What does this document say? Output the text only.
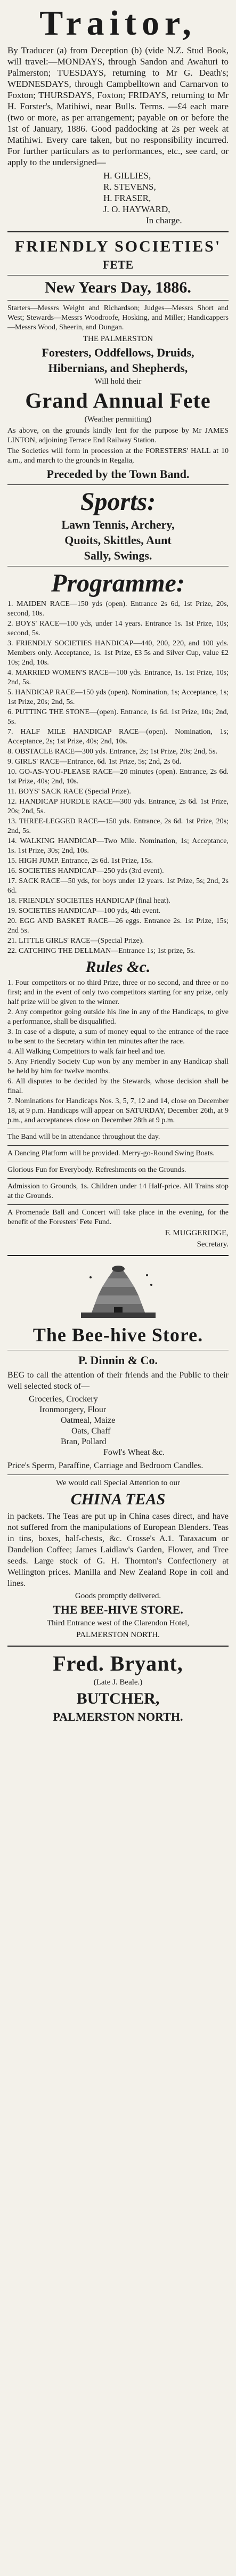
Traitor,

By Traducer (a) from Deception (b) (vide N.Z. Stud Book, will travel:—MONDAYS, through Sandon and Awahuri to Palmerston; TUESDAYS, returning to Mr G. Death's; WEDNESDAYS, through Campbelltown and Carnarvon to Foxton; THURSDAYS, Foxton; FRIDAYS, returning to Mr H. Forster's, Matihiwi, near Bulls. Terms. —£4 each mare (two or more, as per arrangement; payable on or before the 1st of January, 1886. Good paddocking at 2s per week at Matihiwi. Every care taken, but no responsibility incurred. For further particulars as to performances, etc., see card, or apply to the undersigned—

H. GILLIES,
R. STEVENS,
H. FRASER,
J. O. HAYWARD,
In charge.
FRIENDLY SOCIETIES'
FETE
New Years Day, 1886.

Starters—Messrs Weight and Richardson; Judges—Messrs Short and West; Stewards—Messrs Woodroofe, Hosking, and Miller; Handicappers—Messrs Wood, Sheerin, and Dungan.

THE PALMERSTON
Foresters, Oddfellows, Druids,
Hibernians, and Shepherds,
Will hold their
Grand Annual Fete
(Weather permitting)

As above, on the grounds kindly lent for the purpose by Mr JAMES LINTON, adjoining Terrace End Railway Station.

The Societies will form in procession at the FORESTERS' HALL at 10 a.m., and march to the grounds in Regalia,

Preceded by the Town Band.
Sports:
Lawn Tennis, Archery,
Quoits, Skittles, Aunt
Sally, Swings.
Programme:

1. MAIDEN RACE—150 yds (open). Entrance 2s 6d, 1st Prize, 20s, second, 10s.

2. BOYS' RACE—100 yds, under 14 years. Entrance 1s. 1st Prize, 10s; second, 5s.

3. FRIENDLY SOCIETIES HANDICAP—440, 200, 220, and 100 yds. Members only. Acceptance, 1s. 1st Prize, £3 5s and Silver Cup, value £2 10s; 2nd, 10s.

4. MARRIED WOMEN'S RACE—100 yds. Entrance, 1s. 1st Prize, 10s; 2nd, 5s.

5. HANDICAP RACE—150 yds (open). Nomination, 1s; Acceptance, 1s; 1st Prize, 20s; 2nd, 5s.

6. PUTTING THE STONE—(open). Entrance, 1s 6d. 1st Prize, 10s; 2nd, 5s.

7. HALF MILE HANDICAP RACE—(open). Nomination, 1s; Acceptance, 2s; 1st Prize, 40s; 2nd, 10s.

8. OBSTACLE RACE—300 yds. Entrance, 2s; 1st Prize, 20s; 2nd, 5s.

9. GIRLS' RACE—Entrance, 6d. 1st Prize, 5s; 2nd, 2s 6d.

10. GO-AS-YOU-PLEASE RACE—20 minutes (open). Entrance, 2s 6d. 1st Prize, 40s; 2nd, 10s.

11. BOYS' SACK RACE (Special Prize).

12. HANDICAP HURDLE RACE—300 yds. Entrance, 2s 6d. 1st Prize, 20s; 2nd, 5s.

13. THREE-LEGGED RACE—150 yds. Entrance, 2s 6d. 1st Prize, 20s; 2nd, 5s.

14. WALKING HANDICAP—Two Mile. Nomination, 1s; Acceptance, 1s. 1st Prize, 30s; 2nd, 10s.

15. HIGH JUMP. Entrance, 2s 6d. 1st Prize, 15s.

16. SOCIETIES HANDICAP—250 yds (3rd event).

17. SACK RACE—50 yds, for boys under 12 years. 1st Prize, 5s; 2nd, 2s 6d.

18. FRIENDLY SOCIETIES HANDICAP (final heat).

19. SOCIETIES HANDICAP—100 yds, 4th event.

20. EGG AND BASKET RACE—26 eggs. Entrance 2s. 1st Prize, 15s; 2nd 5s.

21. LITTLE GIRLS' RACE—(Special Prize).

22. CATCHING THE DELLMAN—Entrance 1s; 1st prize, 5s.

Rules &c.

1. Four competitors or no third Prize, three or no second, and three or no first; and in the event of only two competitors starting for any prize, only half prize will be given to the winner.

2. Any competitor going outside his line in any of the Handicaps, to give a performance, shall be disqualified.

3. In case of a dispute, a sum of money equal to the entrance of the race to be sent to the Secretary within ten minutes after the race.

4. All Walking Competitors to walk fair heel and toe.

5. Any Friendly Society Cup won by any member in any Handicap shall be held by him for twelve months.

6. All disputes to be decided by the Stewards, whose decision shall be final.

7. Nominations for Handicaps Nos. 3, 5, 7, 12 and 14, close on December 18, at 9 p.m. Handicaps will appear on SATURDAY, December 26th, at 9 p.m., and acceptances close on December 28th at 9 p.m.

The Band will be in attendance throughout the day.

A Dancing Platform will be provided. Merry-go-Round Swing Boats.

Glorious Fun for Everybody. Refreshments on the Grounds.

Admission to Grounds, 1s. Children under 14 Half-price. All Trains stop at the Grounds.

A Promenade Ball and Concert will take place in the evening, for the benefit of the Foresters' Fete Fund.

F. MUGGERIDGE,
Secretary.
The Bee-hive Store.
P. Dinnin & Co.

BEG to call the attention of their friends and the Public to their well selected stock of—

Groceries, Crockery
Ironmongery, Flour
Oatmeal, Maize
Oats, Chaff
Bran, Pollard
Fowl's Wheat &c.

Price's Sperm, Paraffine, Carriage and Bedroom Candles.

We would call Special Attention to our
CHINA TEAS

in packets. The Teas are put up in China cases direct, and have not suffered from the manipulations of European Blenders. Teas in tins, boxes, half-chests, &c. Crosse's A.1. Taraxacum or Dandelion Coffee; James Laidlaw's Garden, Flower, and Tree seeds. Large stock of G. H. Thornton's Confectionery at Wellington prices. Manilla and New Zealand Rope in coil and lines.

Goods promptly delivered.
THE BEE-HIVE STORE.
Third Entrance west of the Clarendon Hotel,
PALMERSTON NORTH.
Fred. Bryant,
(Late J. Beale.)
BUTCHER,
PALMERSTON NORTH.
